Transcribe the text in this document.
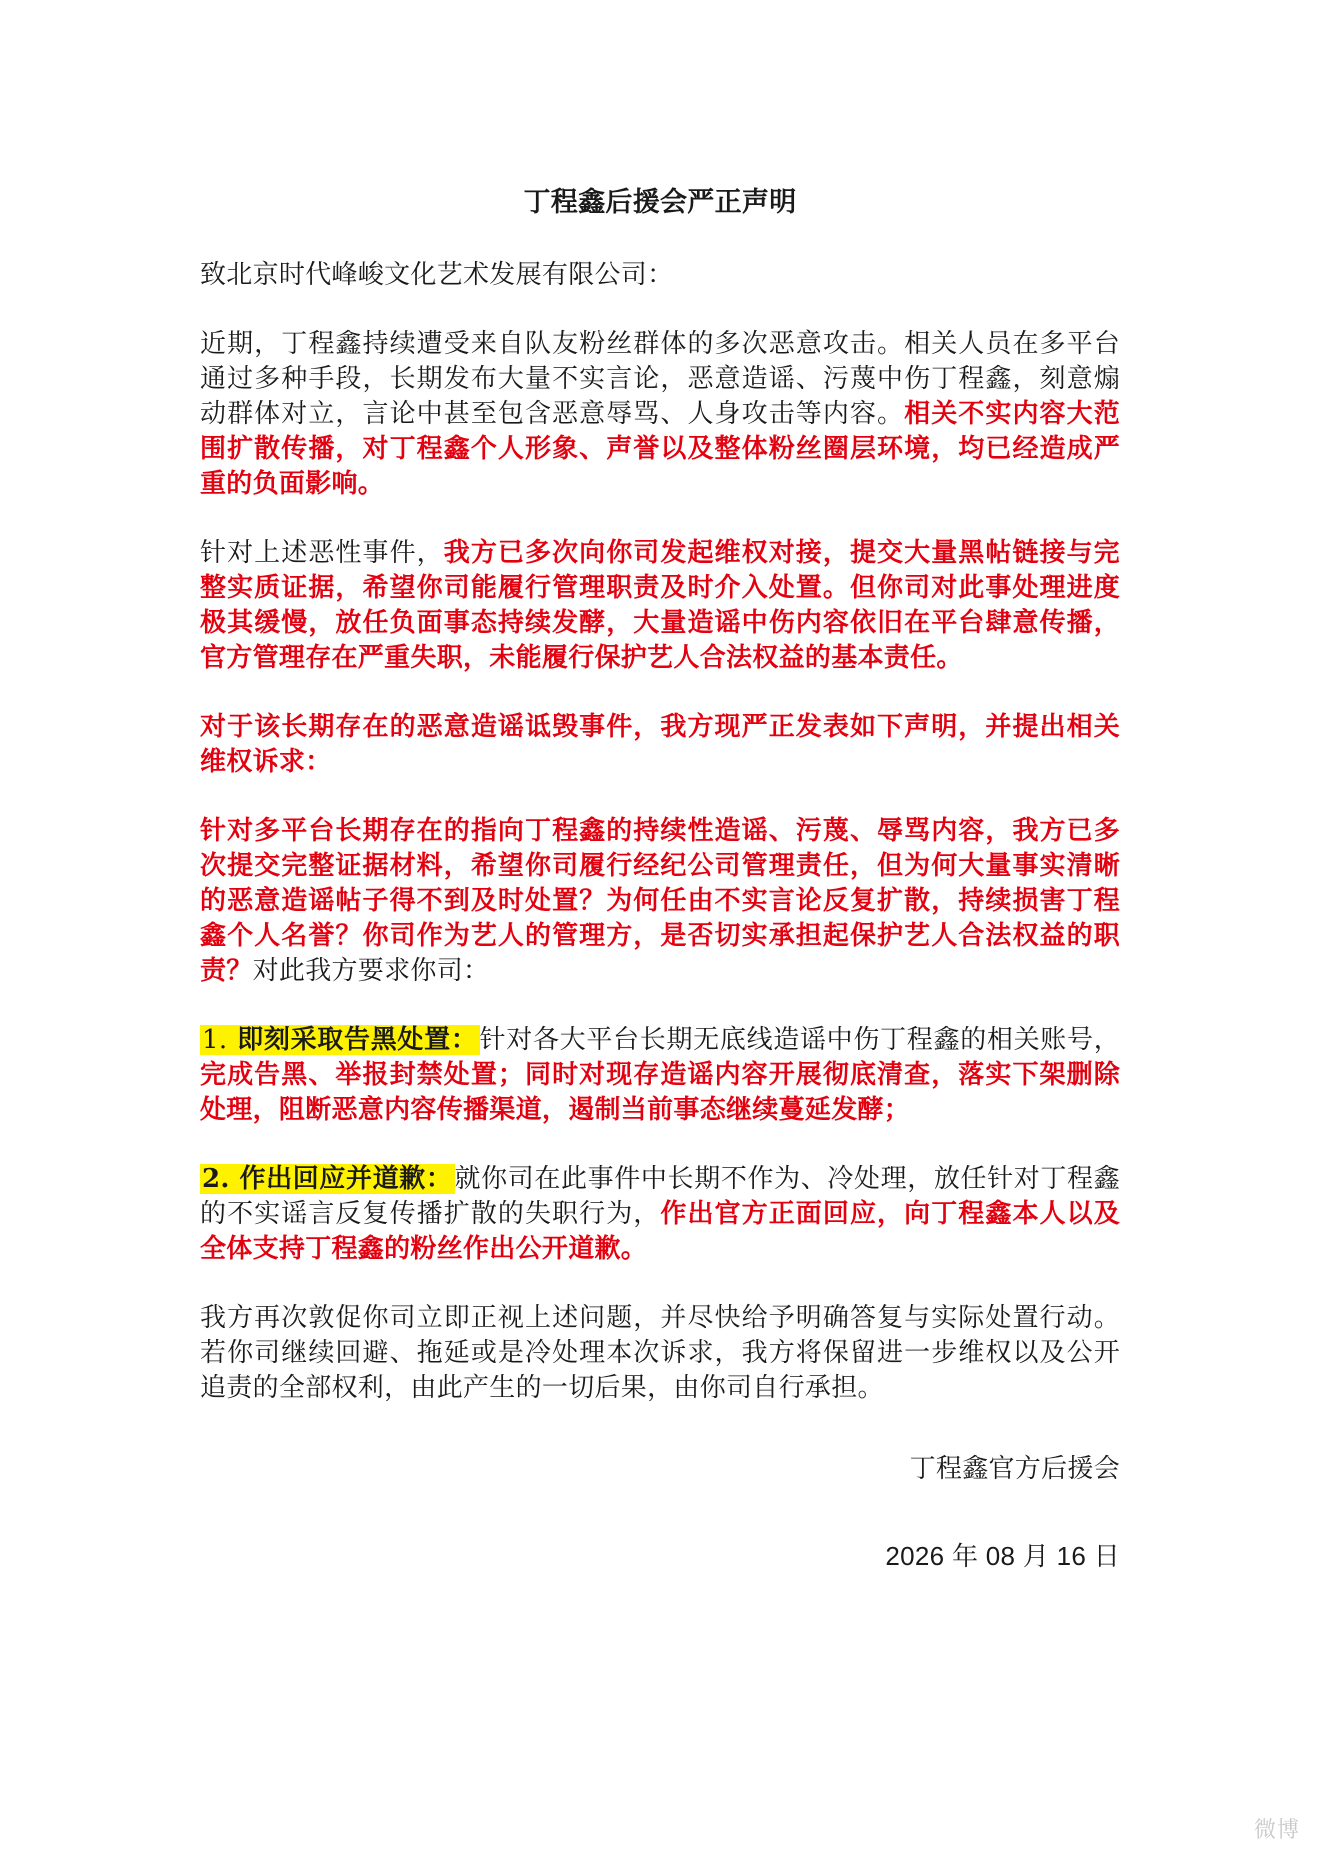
丁程鑫后援会严正声明
致北京时代峰峻文化艺术发展有限公司：
近期，丁程鑫持续遭受来自队友粉丝群体的多次恶意攻击。相关人员在多平台通过多种手段，长期发布大量不实言论，恶意造谣、污蔑中伤丁程鑫，刻意煽动群体对立，言论中甚至包含恶意辱骂、人身攻击等内容。相关不实内容大范围扩散传播，对丁程鑫个人形象、声誉以及整体粉丝圈层环境，均已经造成严重的负面影响。
针对上述恶性事件，我方已多次向你司发起维权对接，提交大量黑帖链接与完整实质证据，希望你司能履行管理职责及时介入处置。但你司对此事处理进度极其缓慢，放任负面事态持续发酵，大量造谣中伤内容依旧在平台肆意传播，官方管理存在严重失职，未能履行保护艺人合法权益的基本责任。
对于该长期存在的恶意造谣诋毁事件，我方现严正发表如下声明，并提出相关维权诉求：
针对多平台长期存在的指向丁程鑫的持续性造谣、污蔑、辱骂内容，我方已多次提交完整证据材料，希望你司履行经纪公司管理责任，但为何大量事实清晰的恶意造谣帖子得不到及时处置？为何任由不实言论反复扩散，持续损害丁程鑫个人名誉？你司作为艺人的管理方，是否切实承担起保护艺人合法权益的职责？对此我方要求你司：
1. 即刻采取告黑处置：针对各大平台长期无底线造谣中伤丁程鑫的相关账号，完成告黑、举报封禁处置；同时对现存造谣内容开展彻底清查，落实下架删除处理，阻断恶意内容传播渠道，遏制当前事态继续蔓延发酵；
2. 作出回应并道歉：就你司在此事件中长期不作为、冷处理，放任针对丁程鑫的不实谣言反复传播扩散的失职行为，作出官方正面回应，向丁程鑫本人以及全体支持丁程鑫的粉丝作出公开道歉。
我方再次敦促你司立即正视上述问题，并尽快给予明确答复与实际处置行动。若你司继续回避、拖延或是冷处理本次诉求，我方将保留进一步维权以及公开追责的全部权利，由此产生的一切后果，由你司自行承担。
丁程鑫官方后援会
2026 年 08 月 16 日
微博
